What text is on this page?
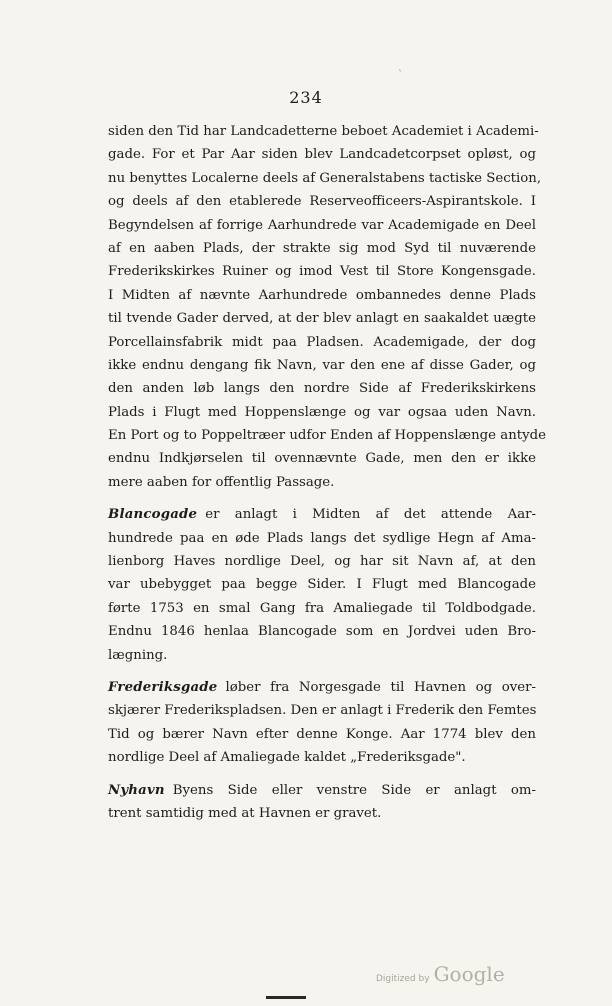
`
234
siden den Tid har Landcadetterne beboet Academiet i Academi-
gade. For et Par Aar siden blev Landcadetcorpset opløst, og
nu benyttes Localerne deels af Generalstabens tactiske Section,
og deels af den etablerede Reserveofficeers-Aspirantskole. I
Begyndelsen af forrige Aarhundrede var Academigade en Deel
af en aaben Plads, der strakte sig mod Syd til nuværende
Frederikskirkes Ruiner og imod Vest til Store Kongensgade.
I Midten af nævnte Aarhundrede ombannedes denne Plads
til tvende Gader derved, at der blev anlagt en saakaldet uægte
Porcellainsfabrik midt paa Pladsen. Academigade, der dog
ikke endnu dengang fik Navn, var den ene af disse Gader, og
den anden løb langs den nordre Side af Frederikskirkens
Plads i Flugt med Hoppenslænge og var ogsaa uden Navn.
En Port og to Poppeltræer udfor Enden af Hoppenslænge antyde
endnu Indkjørselen til ovennævnte Gade, men den er ikke
mere aaben for offentlig Passage.
Blancogade er anlagt i Midten af det attende Aar-
hundrede paa en øde Plads langs det sydlige Hegn af Ama-
lienborg Haves nordlige Deel, og har sit Navn af, at den
var ubebygget paa begge Sider. I Flugt med Blancogade
førte 1753 en smal Gang fra Amaliegade til Toldbodgade.
Endnu 1846 henlaa Blancogade som en Jordvei uden Bro-
lægning.
Frederiksgade løber fra Norgesgade til Havnen og over-
skjærer Frederikspladsen. Den er anlagt i Frederik den Femtes
Tid og bærer Navn efter denne Konge. Aar 1774 blev den
nordlige Deel af Amaliegade kaldet „Frederiksgade".
Nyhavn Byens Side eller venstre Side er anlagt om-
trent samtidig med at Havnen er gravet.
Digitized by Google
